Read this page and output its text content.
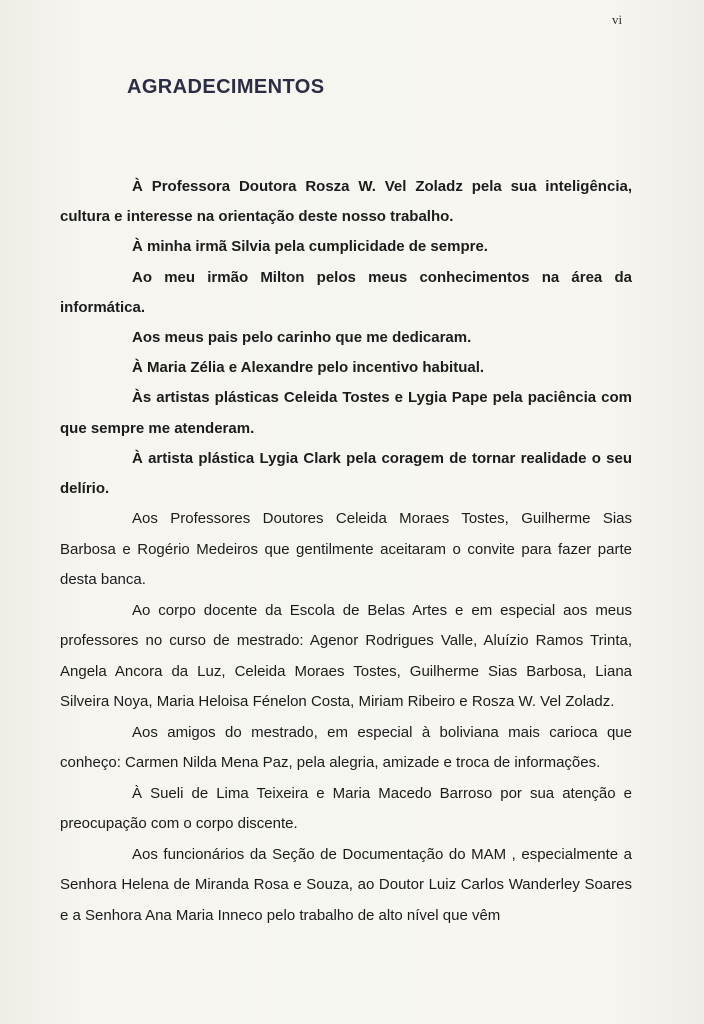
vi
AGRADECIMENTOS

À Professora Doutora Rosza W. Vel Zoladz pela sua inteligência, cultura e interesse na orientação deste nosso trabalho.

À minha irmã Silvia pela cumplicidade de sempre.

Ao meu irmão Milton pelos meus conhecimentos na área da informática.

Aos meus pais pelo carinho que me dedicaram.

À Maria Zélia e Alexandre pelo incentivo habitual.

Às artistas plásticas Celeida Tostes e Lygia Pape pela paciência com que sempre me atenderam.

À artista plástica Lygia Clark pela coragem de tornar realidade o seu delírio.

Aos Professores Doutores Celeida Moraes Tostes, Guilherme Sias Barbosa e Rogério Medeiros que gentilmente aceitaram o convite para fazer parte desta banca.

Ao corpo docente da Escola de Belas Artes e em especial aos meus professores no curso de mestrado: Agenor Rodrigues Valle, Aluízio Ramos Trinta, Angela Ancora da Luz, Celeida Moraes Tostes, Guilherme Sias Barbosa, Liana Silveira Noya, Maria Heloisa Fénelon Costa, Miriam Ribeiro e Rosza W. Vel Zoladz.

Aos amigos do mestrado, em especial à boliviana mais carioca que conheço: Carmen Nilda Mena Paz, pela alegria, amizade e troca de informações.

À Sueli de Lima Teixeira e Maria Macedo Barroso por sua atenção e preocupação com o corpo discente.

Aos funcionários da Seção de Documentação do MAM , especialmente a Senhora Helena de Miranda Rosa e Souza, ao Doutor Luiz Carlos Wanderley Soares e a Senhora Ana Maria Inneco pelo trabalho de alto nível que vêm
